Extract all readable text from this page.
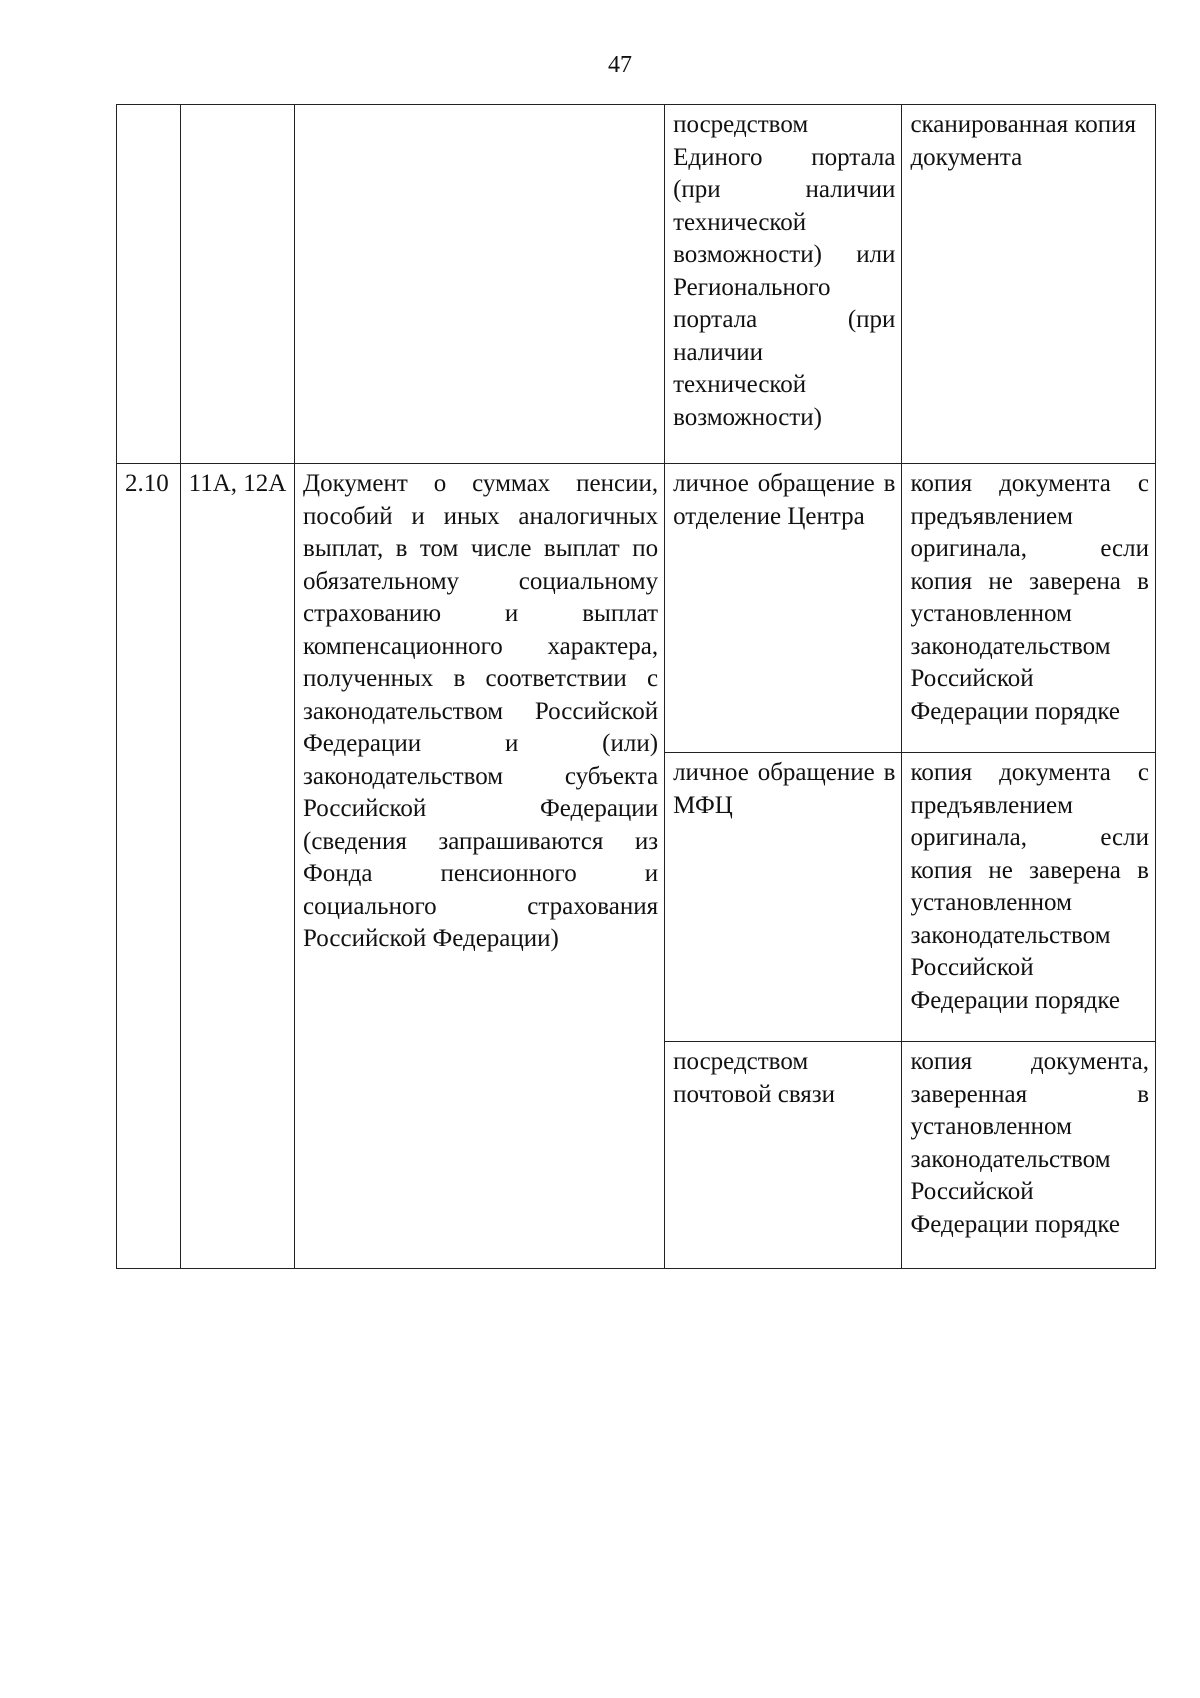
47

			посредством Единого портала (при наличии технической возможности) или Регионального портала (при наличии технической возможности)	сканированная копия документа

2.10	11А, 12А	Документ о суммах пенсии, пособий и иных аналогичных выплат, в том числе выплат по обязательному социальному страхованию и выплат компенсационного характера, полученных в соответствии с законодательством Российской Федерации и (или) законодательством субъекта Российской Федерации (сведения запрашиваются из Фонда пенсионного и социального страхования Российской Федерации)	личное обращение в отделение Центра	копия документа с предъявлением оригинала, если копия не заверена в установленном законодательством Российской Федерации порядке

			личное обращение в МФЦ	копия документа с предъявлением оригинала, если копия не заверена в установленном законодательством Российской Федерации порядке

			посредством почтовой связи	копия документа, заверенная в установленном законодательством Российской Федерации порядке
